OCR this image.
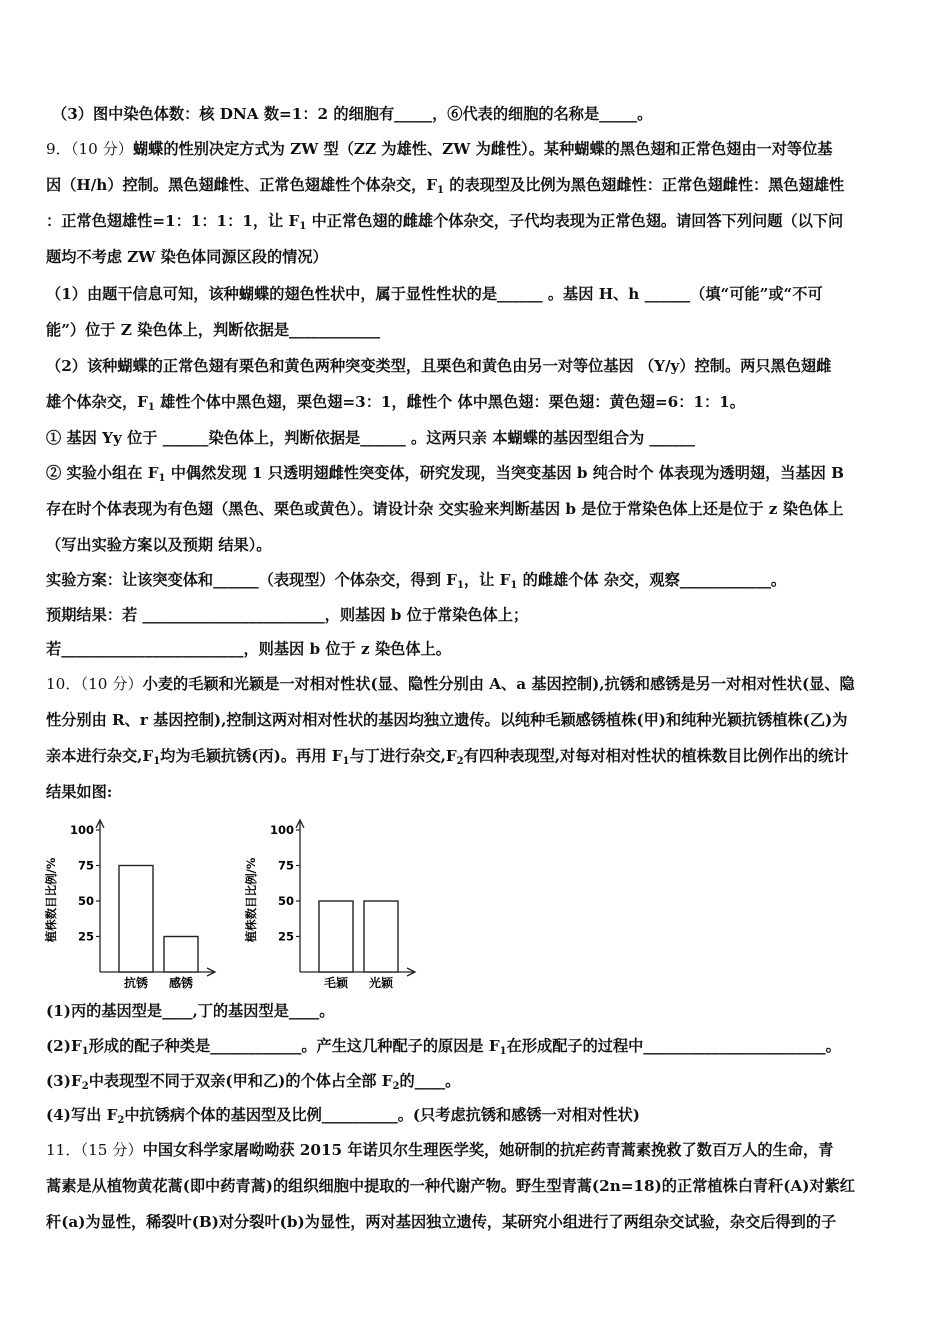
（3）图中染色体数：核 DNA 数=1：2 的细胞有_____，⑥代表的细胞的名称是_____。
9．（10 分）蝴蝶的性别决定方式为 ZW 型（ZZ 为雄性、ZW 为雌性）。某种蝴蝶的黑色翅和正常色翅由一对等位基
因（H/h）控制。黑色翅雌性、正常色翅雄性个体杂交，$F_1$ 的表现型及比例为黑色翅雌性：正常色翅雌性：黑色翅雄性
：正常色翅雄性=1：1：1：1，让 $F_1$ 中正常色翅的雌雄个体杂交，子代均表现为正常色翅。请回答下列问题（以下问
题均不考虑 ZW 染色体同源区段的情况）
（1）由题干信息可知，该种蝴蝶的翅色性状中，属于显性性状的是______ 。基因 H、h ______（填“可能”或“不可
能”）位于 Z 染色体上，判断依据是____________
（2）该种蝴蝶的正常色翅有栗色和黄色两种突变类型，且栗色和黄色由另一对等位基因 （Y/y）控制。两只黑色翅雌
雄个体杂交，$F_1$ 雄性个体中黑色翅，栗色翅=3：1，雌性个 体中黑色翅：栗色翅：黄色翅=6：1：1。
① 基因 Yy 位于 ______染色体上，判断依据是______ 。这两只亲 本蝴蝶的基因型组合为 ______
② 实验小组在 $F_1$ 中偶然发现 1 只透明翅雌性突变体，研究发现，当突变基因 b 纯合时个 体表现为透明翅，当基因 B
存在时个体表现为有色翅（黑色、栗色或黄色）。请设计杂 交实验来判断基因 b 是位于常染色体上还是位于 z 染色体上
（写出实验方案以及预期 结果）。
实验方案：让该突变体和______（表现型）个体杂交，得到 $F_1$，让 $F_1$ 的雌雄个体 杂交，观察____________。
预期结果：若 ________________________，则基因 b 位于常染色体上；
若________________________，则基因 b 位于 z 染色体上。
10．（10 分）小麦的毛颖和光颖是一对相对性状(显、隐性分别由 A、a 基因控制),抗锈和感锈是另一对相对性状(显、隐
性分别由 R、r 基因控制),控制这两对相对性状的基因均独立遗传。以纯种毛颖感锈植株(甲)和纯种光颖抗锈植株(乙)为
亲本进行杂交$,F_1$均为毛颖抗锈(丙)。再用 $F_1$与丁进行杂交$,F_2$有四种表现型,对每对相对性状的植株数目比例作出的统计
结果如图:
25
50
75
100
植株数目比例/%
抗锈 感锈
25
50
75
100
植株数目比例/%
毛颖 光颖
(1)丙的基因型是____,丁的基因型是____。
$(2)F_1$形成的配子种类是____________。产生这几种配子的原因是 $F_1$在形成配子的过程中________________________。
$(3)F_2$中表现型不同于双亲(甲和乙)的个体占全部 $F_2$的____。
(4)写出 $F_2$中抗锈病个体的基因型及比例__________。(只考虑抗锈和感锈一对相对性状)
11．（15 分）中国女科学家屠呦呦获 2015 年诺贝尔生理医学奖，她研制的抗疟药青蒿素挽救了数百万人的生命，青
蒿素是从植物黄花蒿(即中药青蒿)的组织细胞中提取的一种代谢产物。野生型青蒿(2n=18)的正常植株白青秆(A)对紫红
秆(a)为显性，稀裂叶(B)对分裂叶(b)为显性，两对基因独立遗传，某研究小组进行了两组杂交试验，杂交后得到的子
